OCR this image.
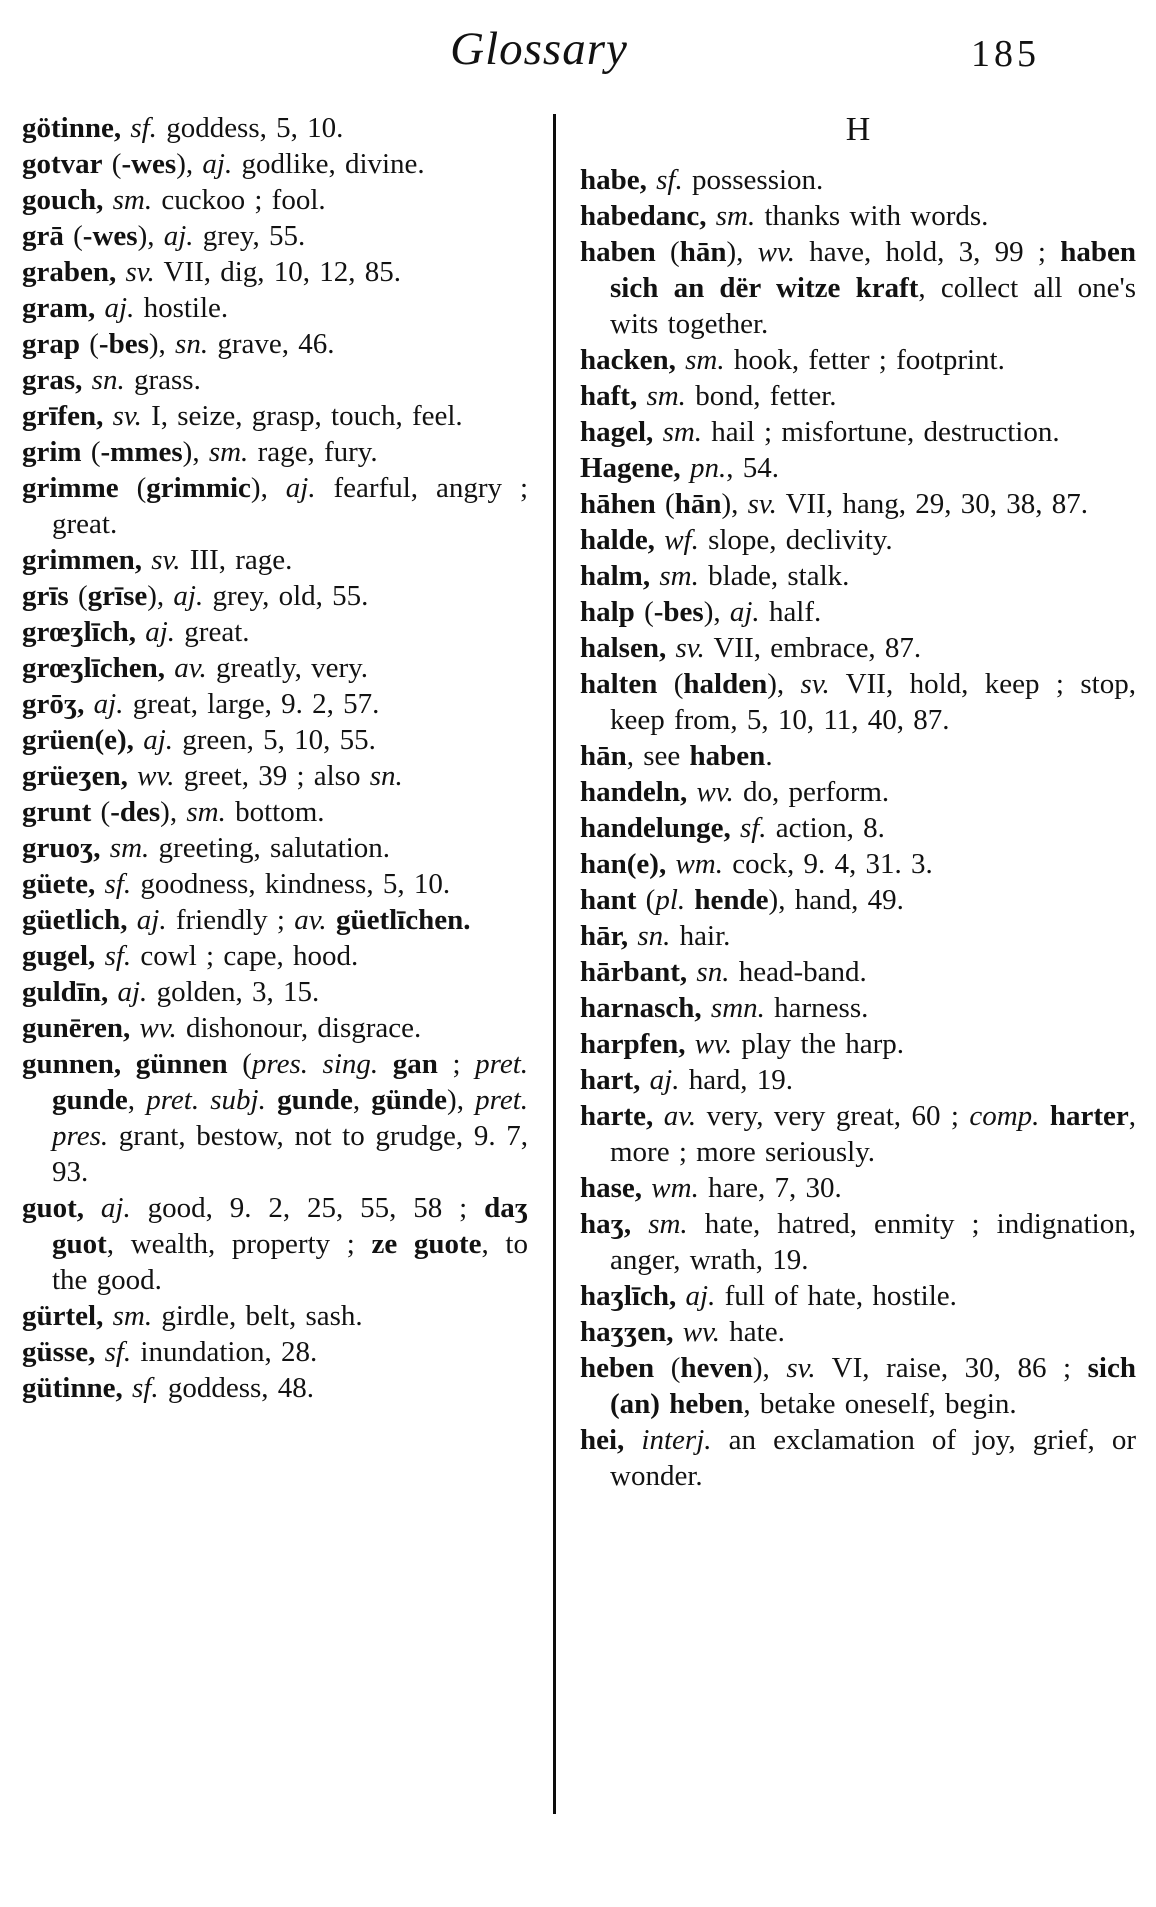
Glossary	185
götinne, sf. goddess, 5, 10.
gotvar (-wes), aj. godlike, divine.
gouch, sm. cuckoo ; fool.
grā (-wes), aj. grey, 55.
graben, sv. VII, dig, 10, 12, 85.
gram, aj. hostile.
grap (-bes), sn. grave, 46.
gras, sn. grass.
grīfen, sv. I, seize, grasp, touch, feel.
grim (-mmes), sm. rage, fury.
grimme (grimmic), aj. fearful, angry ; great.
grimmen, sv. III, rage.
grīs (grīse), aj. grey, old, 55.
grœʒlīch, aj. great.
grœʒlīchen, av. greatly, very.
grōʒ, aj. great, large, 9. 2, 57.
grüen(e), aj. green, 5, 10, 55.
grüeʒen, wv. greet, 39 ; also sn.
grunt (-des), sm. bottom.
gruoʒ, sm. greeting, salutation.
güete, sf. goodness, kindness, 5, 10.
güetlich, aj. friendly ; av. güetlīchen.
gugel, sf. cowl ; cape, hood.
guldīn, aj. golden, 3, 15.
gunēren, wv. dishonour, disgrace.
gunnen, günnen (pres. sing. gan ; pret. gunde, pret. subj. gunde, günde), pret. pres. grant, bestow, not to grudge, 9. 7, 93.
guot, aj. good, 9. 2, 25, 55, 58 ; daʒ guot, wealth, property ; ze guote, to the good.
gürtel, sm. girdle, belt, sash.
güsse, sf. inundation, 28.
gütinne, sf. goddess, 48.
H
habe, sf. possession.
habedanc, sm. thanks with words.
haben (hān), wv. have, hold, 3, 99 ; haben sich an dër witze kraft, collect all one's wits together.
hacken, sm. hook, fetter ; footprint.
haft, sm. bond, fetter.
hagel, sm. hail ; misfortune, destruction.
Hagene, pn., 54.
hāhen (hān), sv. VII, hang, 29, 30, 38, 87.
halde, wf. slope, declivity.
halm, sm. blade, stalk.
halp (-bes), aj. half.
halsen, sv. VII, embrace, 87.
halten (halden), sv. VII, hold, keep ; stop, keep from, 5, 10, 11, 40, 87.
hān, see haben.
handeln, wv. do, perform.
handelunge, sf. action, 8.
han(e), wm. cock, 9. 4, 31. 3.
hant (pl. hende), hand, 49.
hār, sn. hair.
hārbant, sn. head-band.
harnasch, smn. harness.
harpfen, wv. play the harp.
hart, aj. hard, 19.
harte, av. very, very great, 60 ; comp. harter, more ; more seriously.
hase, wm. hare, 7, 30.
haʒ, sm. hate, hatred, enmity ; indignation, anger, wrath, 19.
haʒlīch, aj. full of hate, hostile.
haʒʒen, wv. hate.
heben (heven), sv. VI, raise, 30, 86 ; sich (an) heben, betake oneself, begin.
hei, interj. an exclamation of joy, grief, or wonder.
